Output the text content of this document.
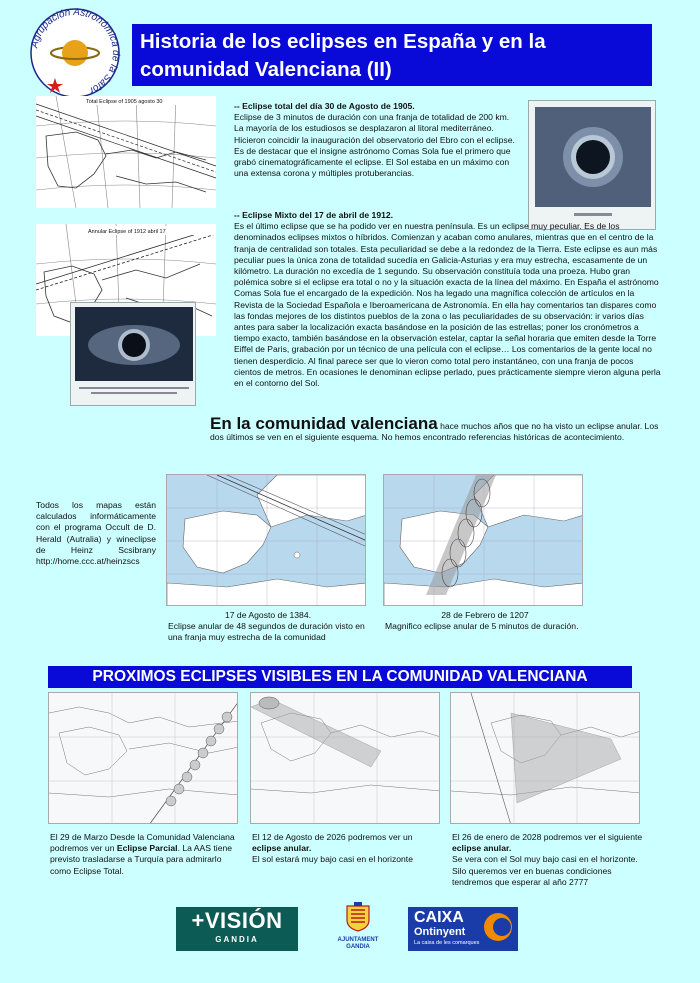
Agrupación Astronómica de la Safor
Historia de los eclipses en España y en la comunidad Valenciana (II)
Total Eclipse of 1905 agosto 30	-- Eclipse total del día 30 de Agosto de 1905.
Eclipse de 3 minutos de duración con una franja de totalidad de 200 km. La mayoría de los estudiosos se desplazaron al litoral mediterráneo. Hicieron coincidir la inauguración del observatorio del Ebro con el eclipse. Es de destacar que el insigne astrónomo Comas Sola fue el primero que grabó cinematográficamente el eclipse. El Sol estaba en un máximo con una extensa corona y múltiples protuberancias.
Annular Eclipse of 1912 abril 17
-- Eclipse Mixto del 17 de abril de 1912.
Es el último eclipse que se ha podido ver en nuestra península. Es un eclipse muy peculiar. Es de los denominados eclipses mixtos o híbridos. Comienzan y acaban como anulares, mientras que en el centro de la franja de centralidad son totales. Esta peculiaridad se debe a la redondez de la Tierra. Este eclipse es aun más peculiar pues la única zona de totalidad sucedía en Galicia-Asturias y era muy estrecha, escasamente de un kilómetro. La duración no excedía de 1 segundo. Su observación constituía toda una proeza. Hubo gran polémica sobre si el eclipse era total o no y la situación exacta de la línea del máximo. En España el astrónomo Comas Sola fue el encargado de la expedición. Nos ha legado una magnífica colección de artículos en la Revista de la Sociedad Española e Iberoamericana de Astronomía. En ella hay comentarios tan dispares como las fondas mejores de los distintos pueblos de la zona o las peculiaridades de su observación: ir varios días antes para saber la localización exacta basándose en la posición de las estrellas; poner los cronómetros a tiempo exacto, también basándose en la observación estelar, captar la señal horaria que emiten desde la Torre Eiffel de Paris, grabación por un técnico de una película con el eclipse… Los comentarios de la gente local no tienen desperdicio. Al final parece ser que lo vieron como total pero instantáneo, con una franja de pocos cientos de metros. En ocasiones le denominan eclipse perlado, pues prácticamente siempre vieron alguna perla en el contorno del Sol.
En la comunidad valenciana hace muchos años que no ha visto un eclipse anular. Los dos últimos se ven en el siguiente esquema. No hemos encontrado referencias históricas de acontecimiento.
Todos los mapas están calculados informáticamente con el programa Occult de D. Herald (Autralia) y wineclipse de Heinz Scsibrany http://home.ccc.at/heinzscs
17 de Agosto de 1384.
Eclipse anular de 48 segundos de duración visto en una franja muy estrecha de la comunidad
28 de Febrero de 1207
Magnifico eclipse anular de 5 minutos de duración.
PROXIMOS ECLIPSES VISIBLES EN LA COMUNIDAD VALENCIANA
El 29 de Marzo Desde la Comunidad Valenciana podremos ver un Eclipse Parcial. La AAS tiene previsto trasladarse a Turquía para admirarlo como Eclipse Total.
El 12 de Agosto de 2026 podremos ver un eclipse anular.
El sol estará muy bajo casi en el horizonte
El 26 de enero de 2028 podremos ver el siguiente eclipse anular.
Se vera con el Sol muy bajo casi en el horizonte. Silo queremos ver en buenas condiciones tendremos que esperar al año 2777
+VISIÓN
GANDIA	AJUNTAMENT
GANDIA
CAIXA
Ontinyent
La caixa de les comarques
